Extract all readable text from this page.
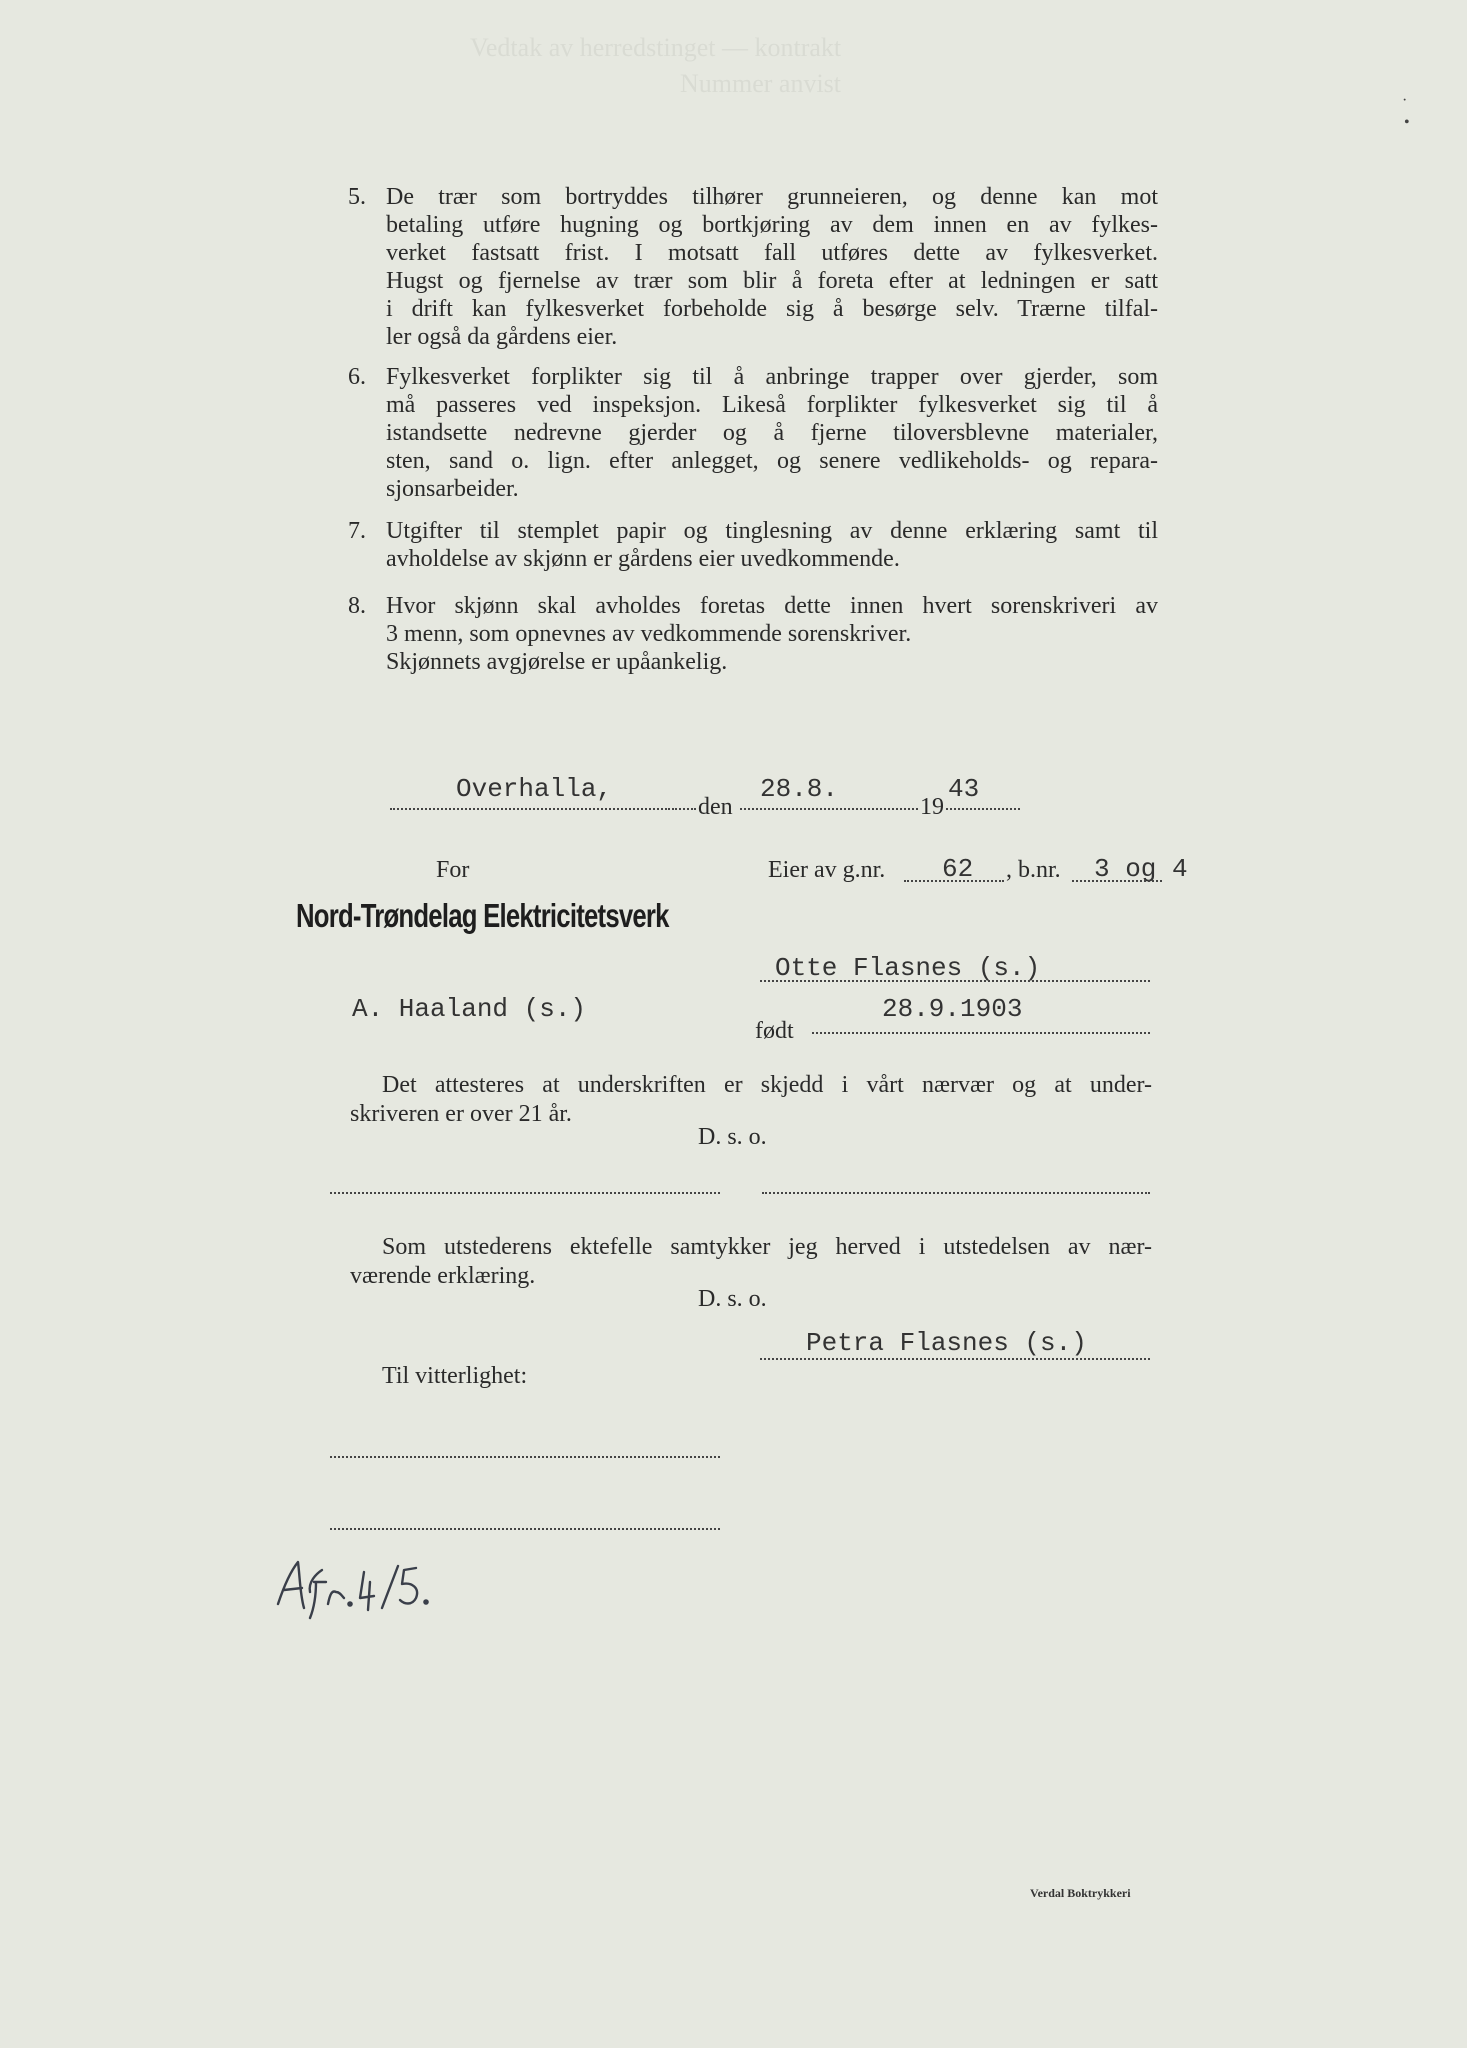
Vedtak av herredstinget — kontrakt
Nummer anvist
·
•
5. De trær som bortryddes tilhører grunneieren, og denne kan mot
betaling utføre hugning og bortkjøring av dem innen en av fylkes-
verket fastsatt frist. I motsatt fall utføres dette av fylkesverket.
Hugst og fjernelse av trær som blir å foreta efter at ledningen er satt
i drift kan fylkesverket forbeholde sig å besørge selv. Trærne tilfal-
ler også da gårdens eier.
6. Fylkesverket forplikter sig til å anbringe trapper over gjerder, som
må passeres ved inspeksjon. Likeså forplikter fylkesverket sig til å
istandsette nedrevne gjerder og å fjerne tiloversblevne materialer,
sten, sand o. lign. efter anlegget, og senere vedlikeholds- og repara-
sjonsarbeider.
7. Utgifter til stemplet papir og tinglesning av denne erklæring samt til
avholdelse av skjønn er gårdens eier uvedkommende.
8. Hvor skjønn skal avholdes foretas dette innen hvert sorenskriveri av
3 menn, som opnevnes av vedkommende sorenskriver.
Skjønnets avgjørelse er upåankelig.
Overhalla,
den
28.8.
19
43
For	Eier av g.nr. 62 , b.nr. 3 og 4
Nord-Trøndelag Elektricitetsverk
Otte Flasnes (s.)
A. Haaland (s.)
født
28.9.1903
Det attesteres at underskriften er skjedd i vårt nærvær og at under-
skriveren er over 21 år.
D. s. o.
Som utstederens ektefelle samtykker jeg herved i utstedelsen av nær-
værende erklæring.
D. s. o.
Petra Flasnes (s.)
Til vitterlighet:
Afr. 4/5.
Verdal Boktrykkeri
